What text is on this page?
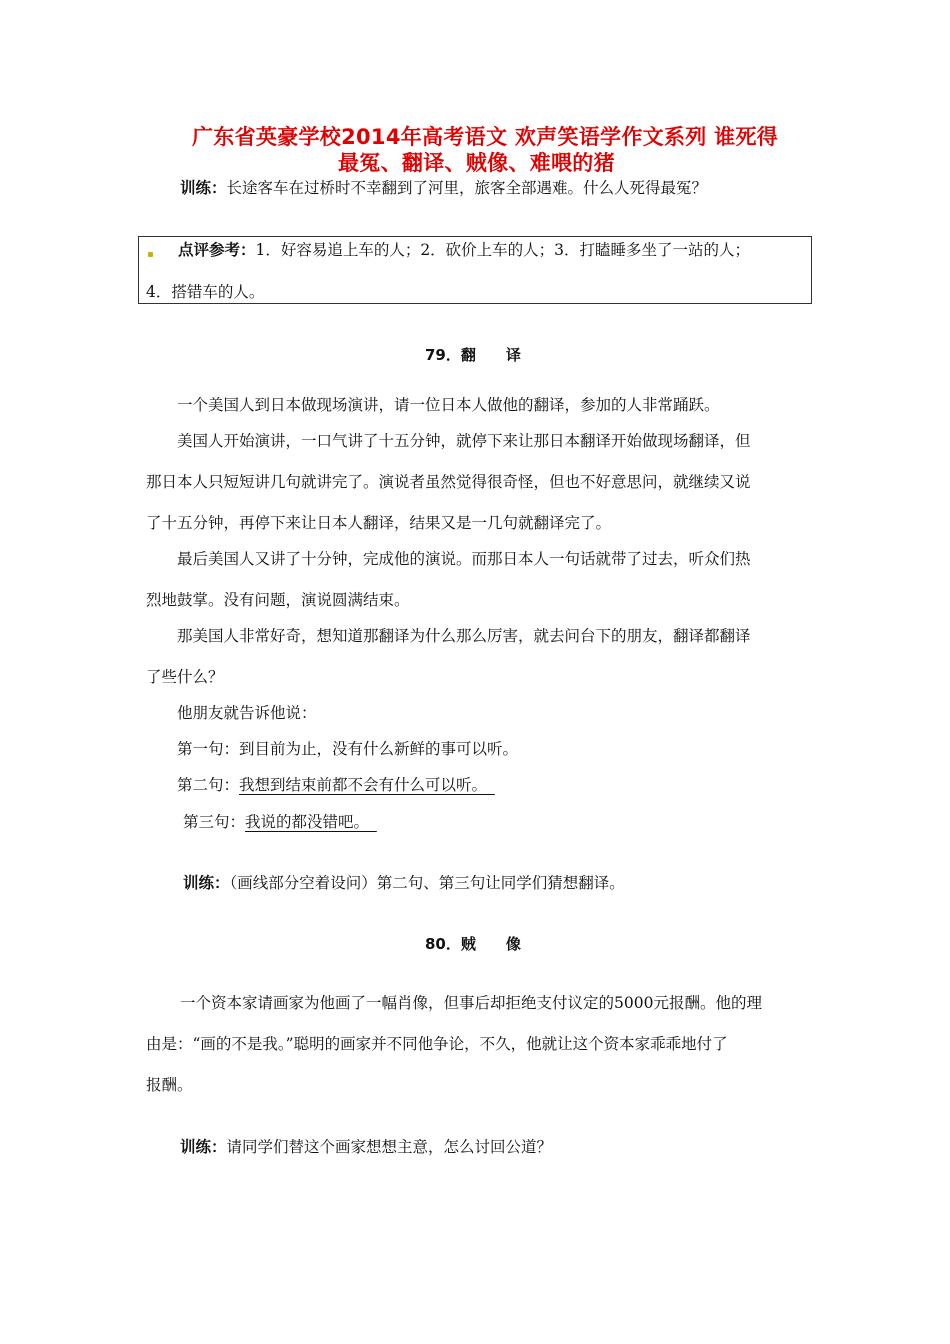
广东省英豪学校2014年高考语文 欢声笑语学作文系列 谁死得
最冤、翻译、贼像、难喂的猪
训练：长途客车在过桥时不幸翻到了河里，旅客全部遇难。什么人死得最冤？
点评参考：1．好容易追上车的人；2．砍价上车的人；3．打瞌睡多坐了一站的人；
4．搭错车的人。
79．翻　　译
一个美国人到日本做现场演讲，请一位日本人做他的翻译，参加的人非常踊跃。
美国人开始演讲，一口气讲了十五分钟，就停下来让那日本翻译开始做现场翻译，但
那日本人只短短讲几句就讲完了。演说者虽然觉得很奇怪，但也不好意思问，就继续又说
了十五分钟，再停下来让日本人翻译，结果又是一几句就翻译完了。
最后美国人又讲了十分钟，完成他的演说。而那日本人一句话就带了过去，听众们热
烈地鼓掌。没有问题，演说圆满结束。
那美国人非常好奇，想知道那翻译为什么那么厉害，就去问台下的朋友，翻译都翻译
了些什么？
他朋友就告诉他说：
第一句：到目前为止，没有什么新鲜的事可以听。
第二句：我想到结束前都不会有什么可以听。 
第三句：我说的都没错吧。 
训练：（画线部分空着设问）第二句、第三句让同学们猜想翻译。
80．贼　　像
一个资本家请画家为他画了一幅肖像，但事后却拒绝支付议定的5000元报酬。他的理
由是：“画的不是我。”聪明的画家并不同他争论，不久，他就让这个资本家乖乖地付了
报酬。
训练：请同学们替这个画家想想主意，怎么讨回公道？
